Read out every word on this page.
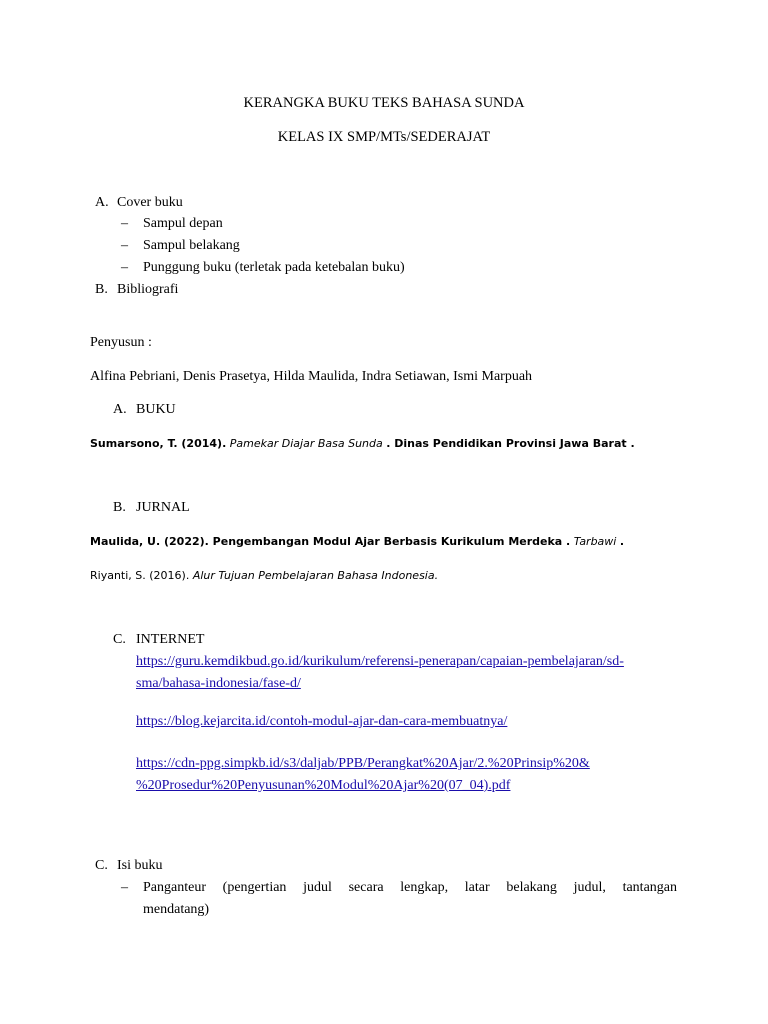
KERANGKA BUKU TEKS BAHASA SUNDA
KELAS IX SMP/MTs/SEDERAJAT
A. Cover buku
– Sampul depan
– Sampul belakang
– Punggung buku (terletak pada ketebalan buku)
B. Bibliografi
Penyusun :
Alfina Pebriani, Denis Prasetya, Hilda Maulida, Indra Setiawan, Ismi Marpuah
A. BUKU
Sumarsono, T. (2014). Pamekar Diajar Basa Sunda . Dinas Pendidikan Provinsi Jawa Barat .
B. JURNAL
Maulida, U. (2022). Pengembangan Modul Ajar Berbasis Kurikulum Merdeka . Tarbawi .
Riyanti, S. (2016). Alur Tujuan Pembelajaran Bahasa Indonesia.
C. INTERNET
https://guru.kemdikbud.go.id/kurikulum/referensi-penerapan/capaian-pembelajaran/sd-
sma/bahasa-indonesia/fase-d/
https://blog.kejarcita.id/contoh-modul-ajar-dan-cara-membuatnya/
https://cdn-ppg.simpkb.id/s3/daljab/PPB/Perangkat%20Ajar/2.%20Prinsip%20&
%20Prosedur%20Penyusunan%20Modul%20Ajar%20(07_04).pdf
C. Isi buku
– Panganteur (pengertian judul secara lengkap, latar belakang judul, tantangan
mendatang)
